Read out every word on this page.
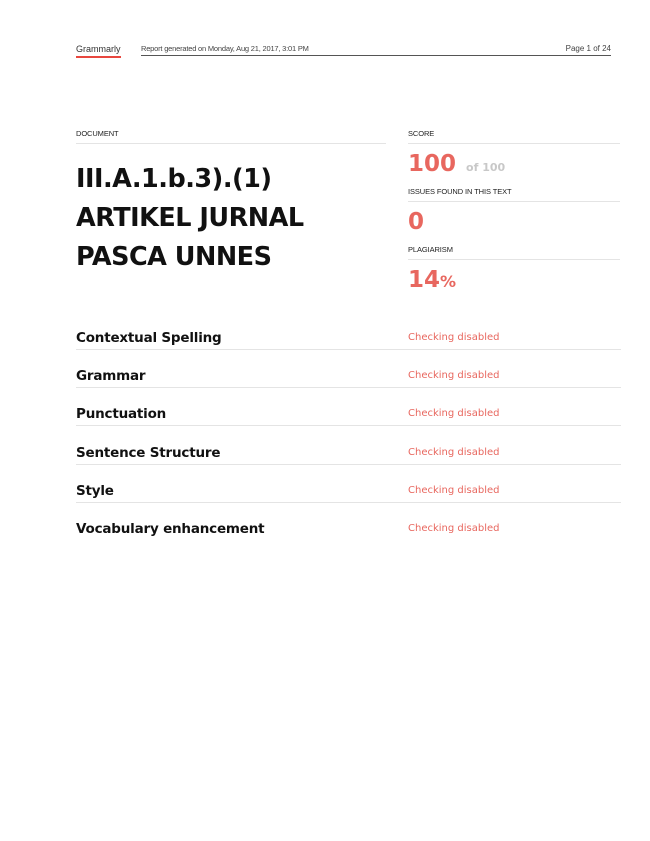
Grammarly	Report generated on Monday, Aug 21, 2017, 3:01 PM	Page 1 of 24
DOCUMENT
III.A.1.b.3).(1)
ARTIKEL JURNAL
PASCA UNNES
SCORE
100 of 100
ISSUES FOUND IN THIS TEXT
0
PLAGIARISM
14%
Contextual Spelling	Checking disabled
Grammar	Checking disabled
Punctuation	Checking disabled
Sentence Structure	Checking disabled
Style	Checking disabled
Vocabulary enhancement	Checking disabled
